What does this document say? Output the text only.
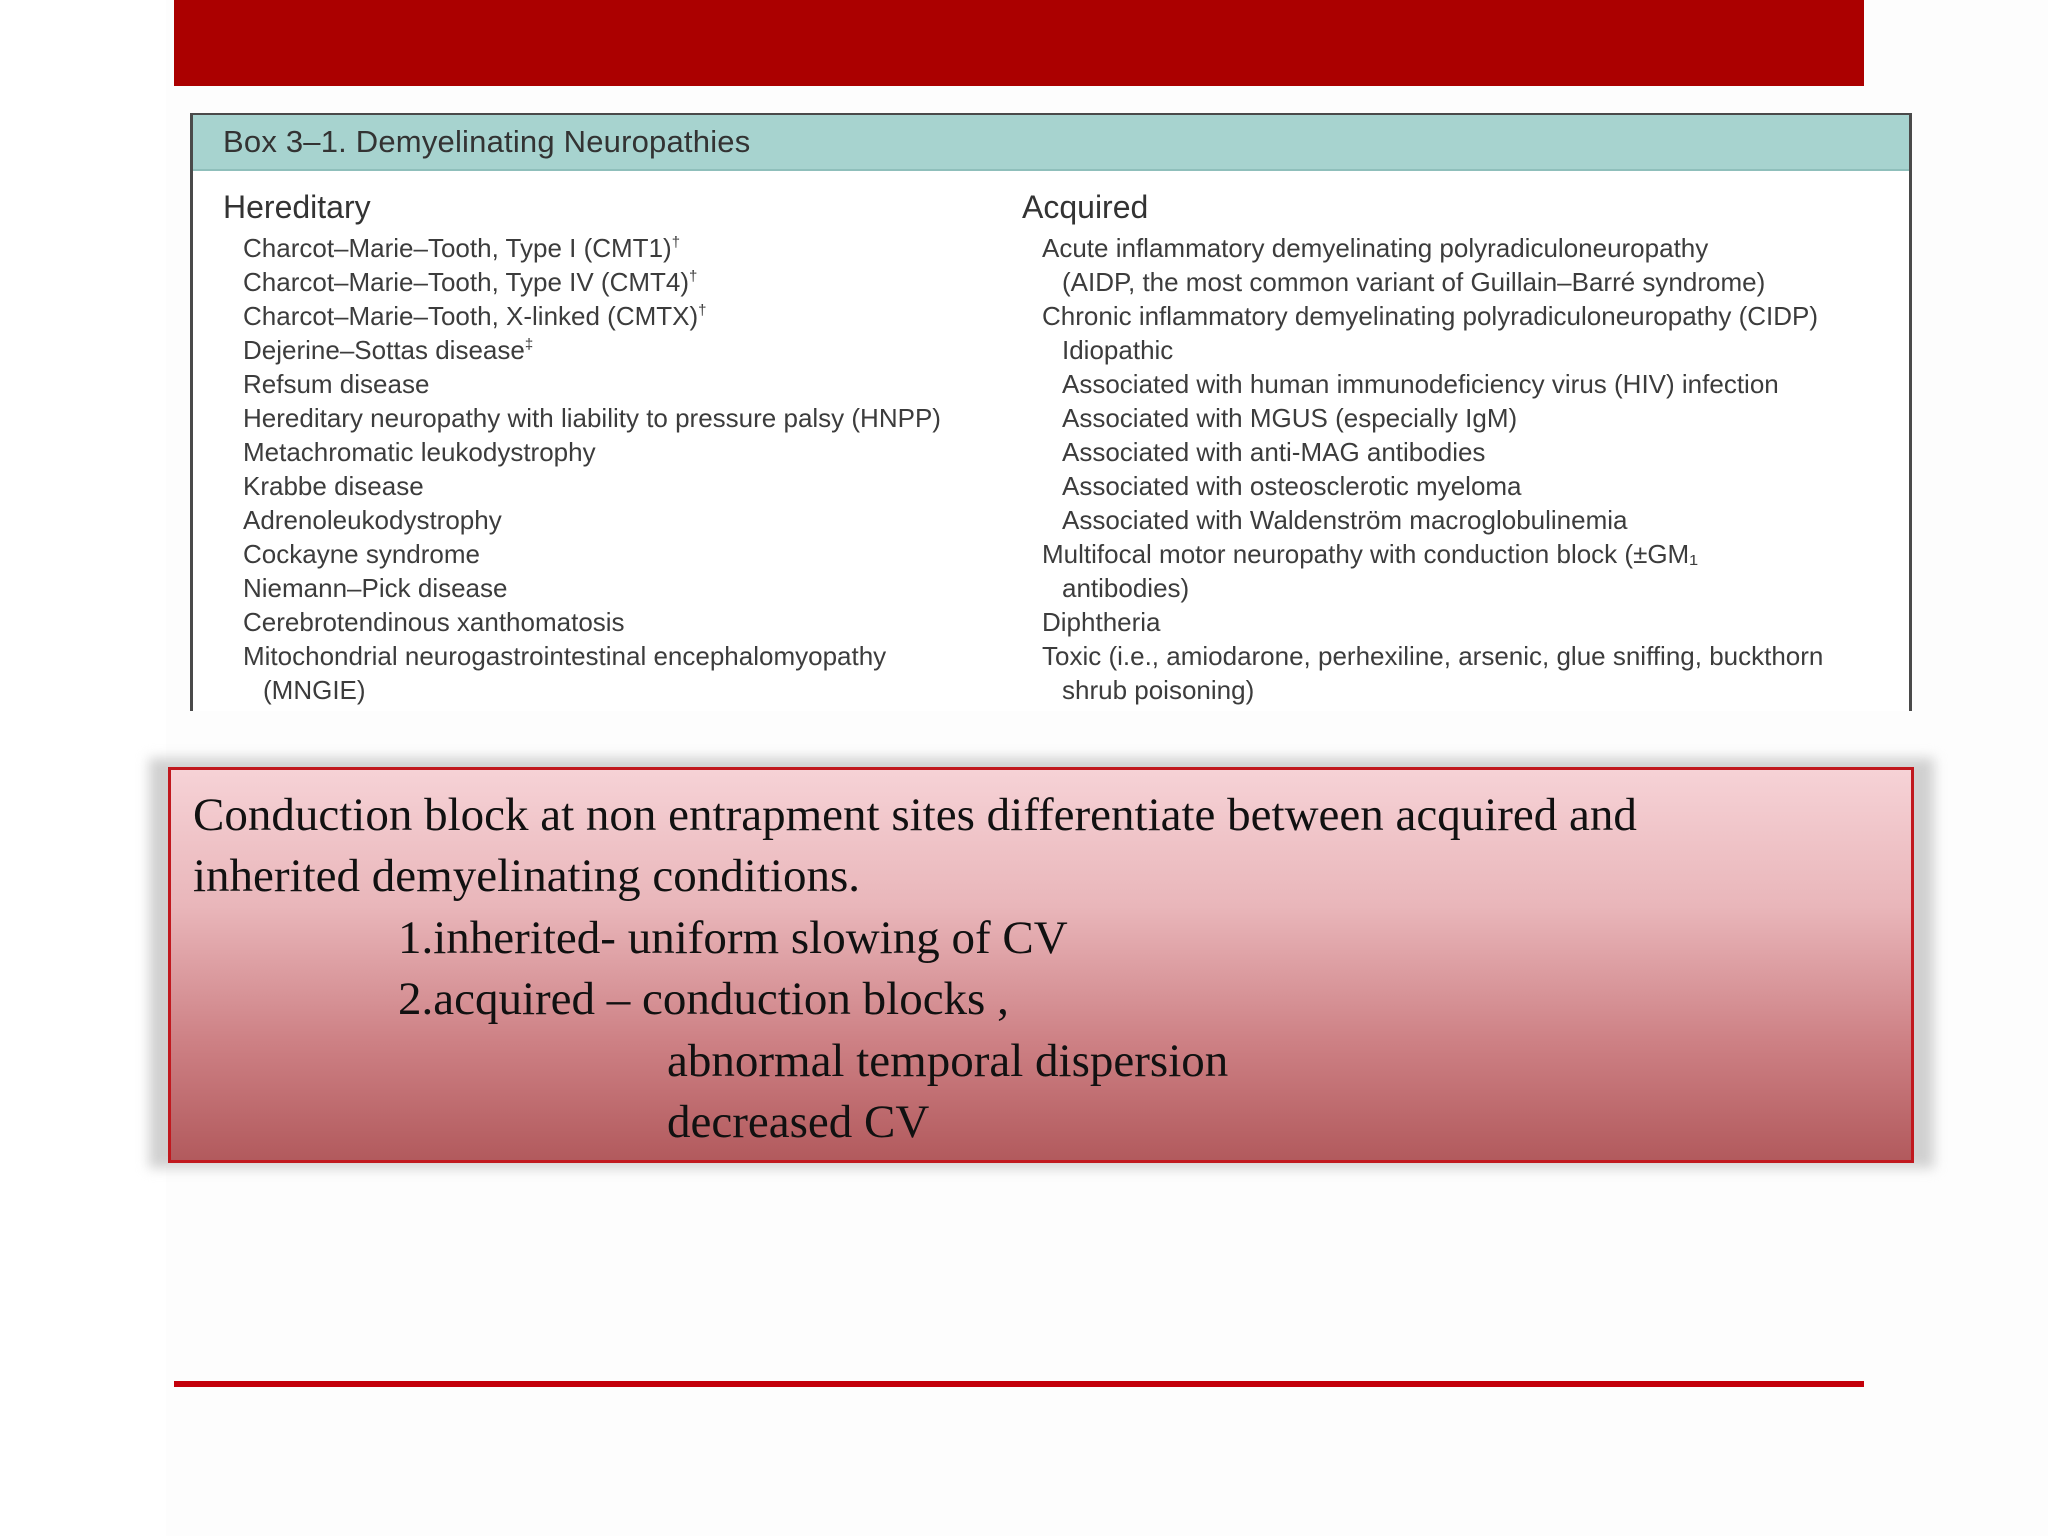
Box 3–1. Demyelinating Neuropathies
Hereditary
Charcot–Marie–Tooth, Type I (CMT1)†
Charcot–Marie–Tooth, Type IV (CMT4)†
Charcot–Marie–Tooth, X-linked (CMTX)†
Dejerine–Sottas disease‡
Refsum disease
Hereditary neuropathy with liability to pressure palsy (HNPP)
Metachromatic leukodystrophy
Krabbe disease
Adrenoleukodystrophy
Cockayne syndrome
Niemann–Pick disease
Cerebrotendinous xanthomatosis
Mitochondrial neurogastrointestinal encephalomyopathy
(MNGIE)
Acquired
Acute inflammatory demyelinating polyradiculoneuropathy
(AIDP, the most common variant of Guillain–Barré syndrome)
Chronic inflammatory demyelinating polyradiculoneuropathy (CIDP)
Idiopathic
Associated with human immunodeficiency virus (HIV) infection
Associated with MGUS (especially IgM)
Associated with anti-MAG antibodies
Associated with osteosclerotic myeloma
Associated with Waldenström macroglobulinemia
Multifocal motor neuropathy with conduction block (±GM₁
antibodies)
Diphtheria
Toxic (i.e., amiodarone, perhexiline, arsenic, glue sniffing, buckthorn
shrub poisoning)
Conduction block at non entrapment sites differentiate between acquired and
inherited demyelinating conditions.
1.inherited- uniform slowing of CV
2.acquired – conduction blocks ,
abnormal temporal dispersion
decreased CV
